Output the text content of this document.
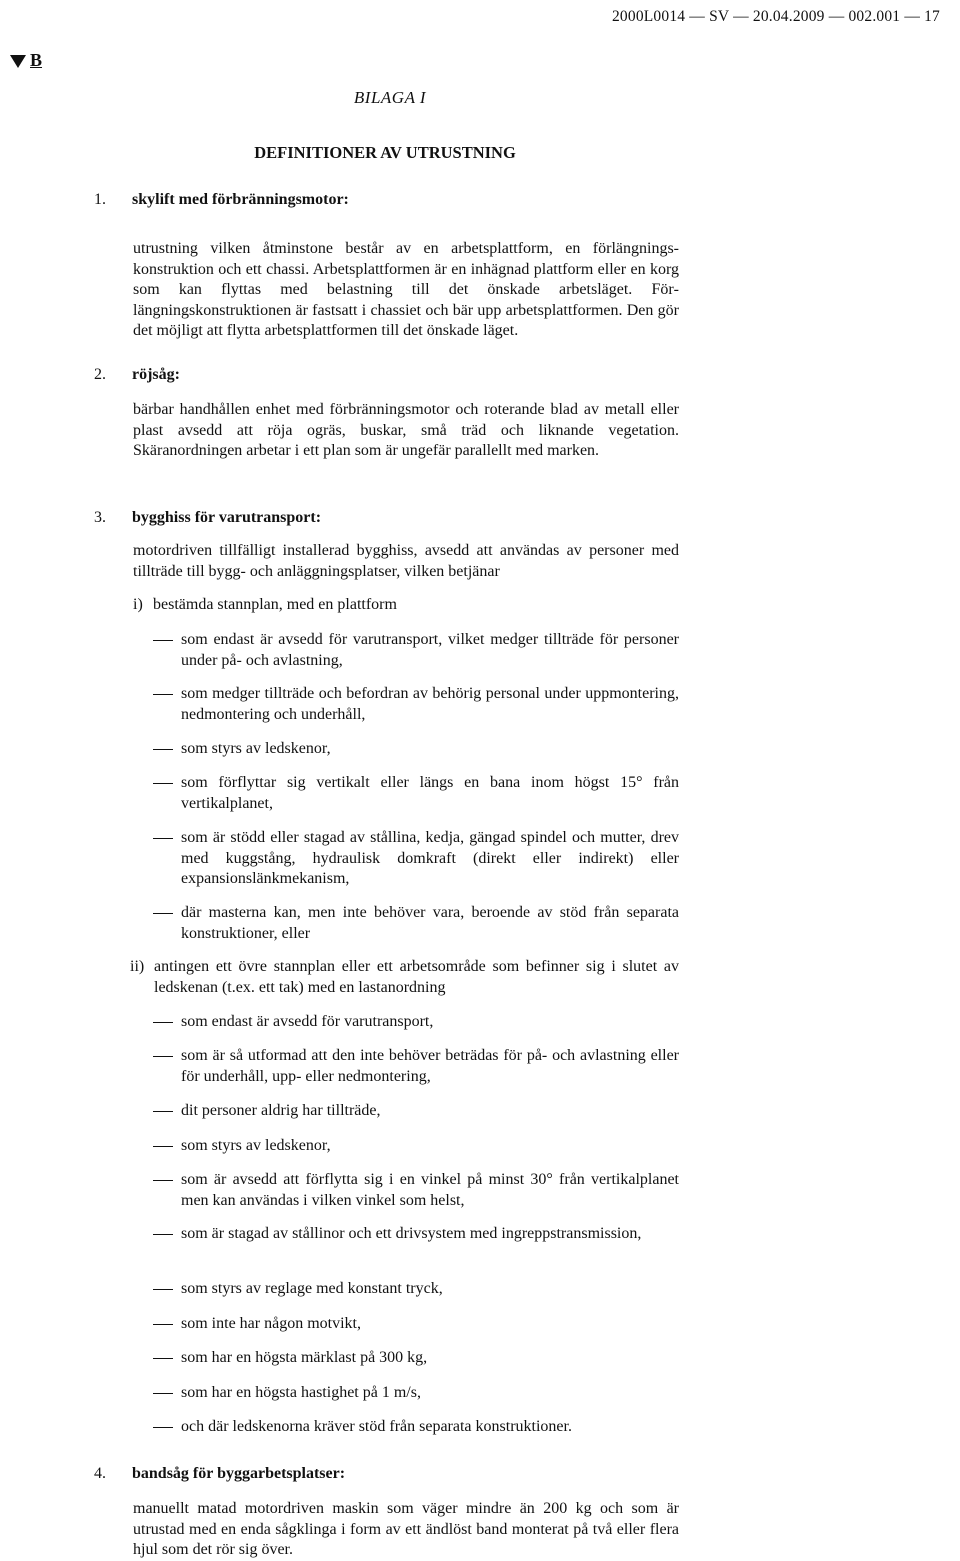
2000L0014 — SV — 20.04.2009 — 002.001 — 17
B
BILAGA I
DEFINITIONER AV UTRUSTNING
1. skylift med förbränningsmotor:
utrustning vilken åtminstone består av en arbetsplattform, en förlängningskonstruktion och ett chassi. Arbetsplattformen är en inhägnad plattform eller en korg som kan flyttas med belastning till det önskade arbetsläget. Förlängningskonstruktionen är fastsatt i chassiet och bär upp arbetsplattformen. Den gör det möjligt att flytta arbetsplattformen till det önskade läget.
2. röjsåg:
bärbar handhållen enhet med förbränningsmotor och roterande blad av metall eller plast avsedd att röja ogräs, buskar, små träd och liknande vegetation. Skäranordningen arbetar i ett plan som är ungefär parallellt med marken.
3. bygghiss för varutransport:
motordriven tillfälligt installerad bygghiss, avsedd att användas av personer med tillträde till bygg- och anläggningsplatser, vilken betjänar
i) bestämda stannplan, med en plattform
som endast är avsedd för varutransport, vilket medger tillträde för personer under på- och avlastning,
som medger tillträde och befordran av behörig personal under uppmontering, nedmontering och underhåll,
som styrs av ledskenor,
som förflyttar sig vertikalt eller längs en bana inom högst 15° från vertikalplanet,
som är stödd eller stagad av stållina, kedja, gängad spindel och mutter, drev med kuggstång, hydraulisk domkraft (direkt eller indirekt) eller expansionslänkmekanism,
där masterna kan, men inte behöver vara, beroende av stöd från separata konstruktioner, eller
ii) antingen ett övre stannplan eller ett arbetsområde som befinner sig i slutet av ledskenan (t.ex. ett tak) med en lastanordning
som endast är avsedd för varutransport,
som är så utformad att den inte behöver beträdas för på- och avlastning eller för underhåll, upp- eller nedmontering,
dit personer aldrig har tillträde,
som styrs av ledskenor,
som är avsedd att förflytta sig i en vinkel på minst 30° från vertikalplanet men kan användas i vilken vinkel som helst,
som är stagad av stållinor och ett drivsystem med ingreppstransmission,
som styrs av reglage med konstant tryck,
som inte har någon motvikt,
som har en högsta märklast på 300 kg,
som har en högsta hastighet på 1 m/s,
och där ledskenorna kräver stöd från separata konstruktioner.
4. bandsåg för byggarbetsplatser:
manuellt matad motordriven maskin som väger mindre än 200 kg och som är utrustad med en enda sågklinga i form av ett ändlöst band monterat på två eller flera hjul som det rör sig över.
